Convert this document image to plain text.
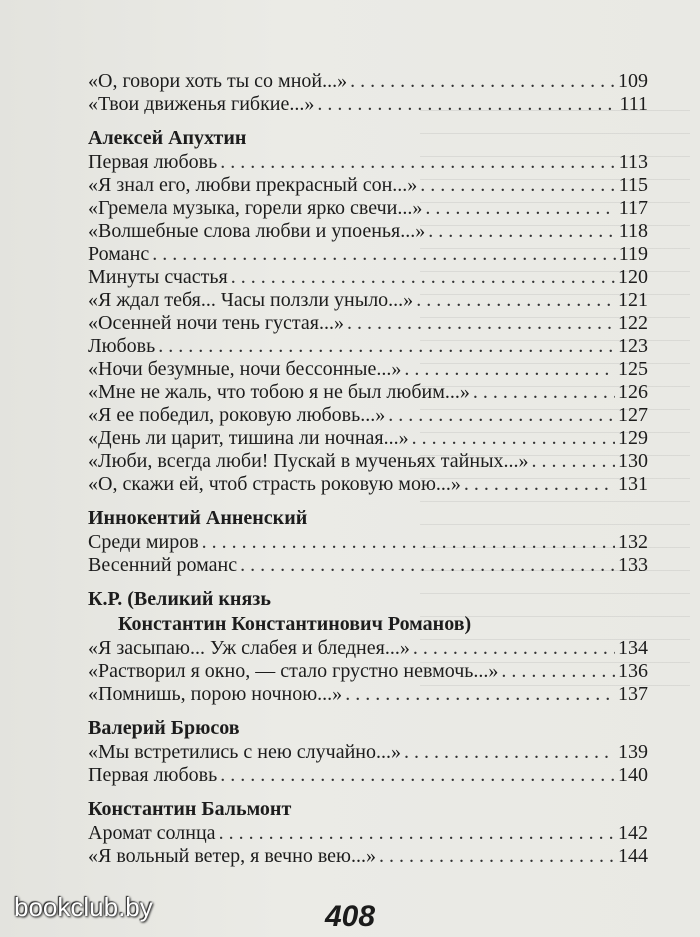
«О, говори хоть ты со мной...» . . .	109
«Твои движенья гибкие...» . . .	111
Алексей Апухтин
Первая любовь . . .	113
«Я знал его, любви прекрасный сон...» . . .	115
«Гремела музыка, горели ярко свечи...» . . .	117
«Волшебные слова любви и упоенья...» . . .	118
Романс . . .	119
Минуты счастья . . .	120
«Я ждал тебя... Часы ползли уныло...» . . .	121
«Осенней ночи тень густая...» . . .	122
Любовь . . .	123
«Ночи безумные, ночи бессонные...» . . .	125
«Мне не жаль, что тобою я не был любим...» . . .	126
«Я ее победил, роковую любовь...» . . .	127
«День ли царит, тишина ли ночная...» . . .	129
«Люби, всегда люби! Пускай в мученьях тайных...» . . .	130
«О, скажи ей, чтоб страсть роковую мою...» . . .	131
Иннокентий Анненский
Среди миров . . .	132
Весенний романс . . .	133
К.Р. (Великий князь
Константин Константинович Романов)
«Я засыпаю... Уж слабея и бледнея...» . . .	134
«Растворил я окно, — стало грустно невмочь...» . . .	136
«Помнишь, порою ночною...» . . .	137
Валерий Брюсов
«Мы встретились с нею случайно...» . . .	139
Первая любовь . . .	140
Константин Бальмонт
Аромат солнца . . .	142
«Я вольный ветер, я вечно вею...» . . .	144
408
bookclub.by
